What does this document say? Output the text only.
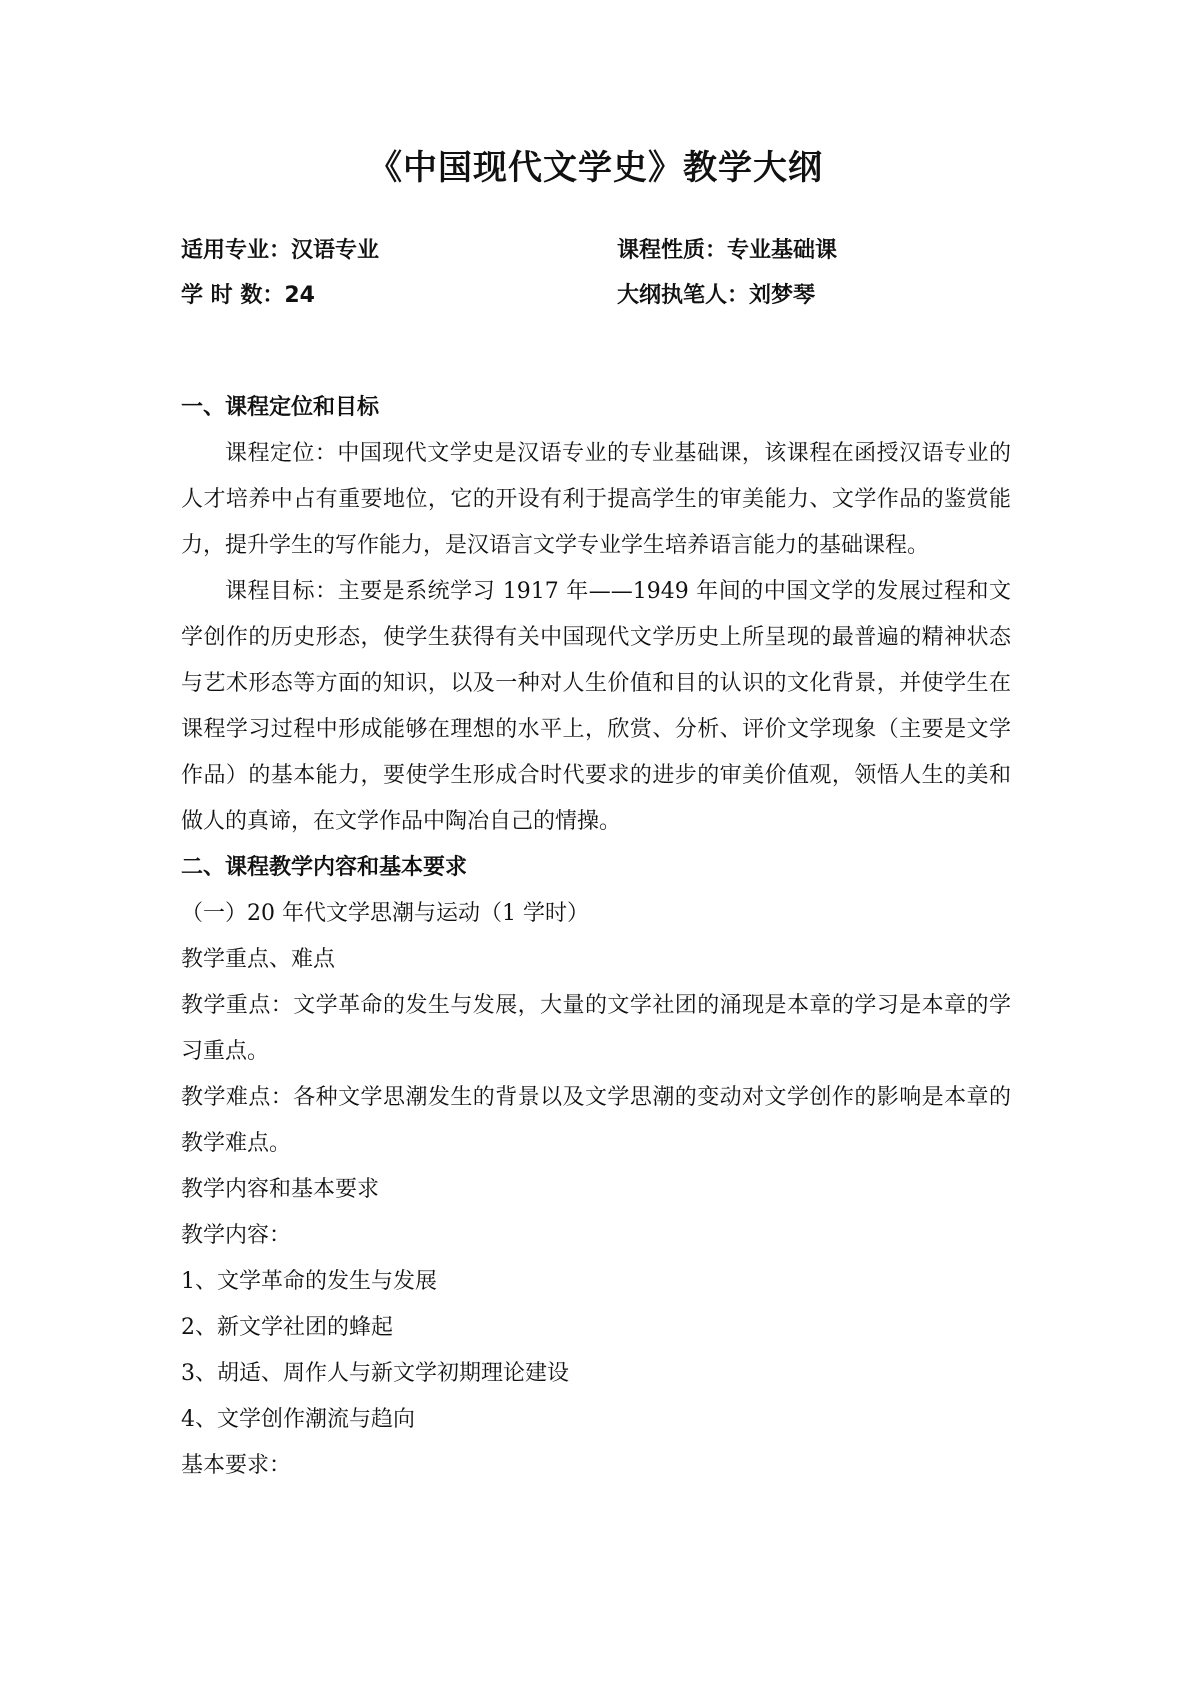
《中国现代文学史》教学大纲
适用专业：汉语专业	课程性质：专业基础课
学 时 数：24	大纲执笔人：刘梦琴

一、课程定位和目标

课程定位：中国现代文学史是汉语专业的专业基础课，该课程在函授汉语专业的人才培养中占有重要地位，它的开设有利于提高学生的审美能力、文学作品的鉴赏能力，提升学生的写作能力，是汉语言文学专业学生培养语言能力的基础课程。

课程目标：主要是系统学习 1917 年——1949 年间的中国文学的发展过程和文学创作的历史形态，使学生获得有关中国现代文学历史上所呈现的最普遍的精神状态与艺术形态等方面的知识，以及一种对人生价值和目的认识的文化背景，并使学生在课程学习过程中形成能够在理想的水平上，欣赏、分析、评价文学现象（主要是文学作品）的基本能力，要使学生形成合时代要求的进步的审美价值观，领悟人生的美和做人的真谛，在文学作品中陶冶自己的情操。

二、课程教学内容和基本要求

（一）20 年代文学思潮与运动（1 学时）

教学重点、难点

教学重点：文学革命的发生与发展，大量的文学社团的涌现是本章的学习是本章的学习重点。

教学难点：各种文学思潮发生的背景以及文学思潮的变动对文学创作的影响是本章的教学难点。

教学内容和基本要求

教学内容：

1、文学革命的发生与发展

2、新文学社团的蜂起

3、胡适、周作人与新文学初期理论建设

4、文学创作潮流与趋向

基本要求：
